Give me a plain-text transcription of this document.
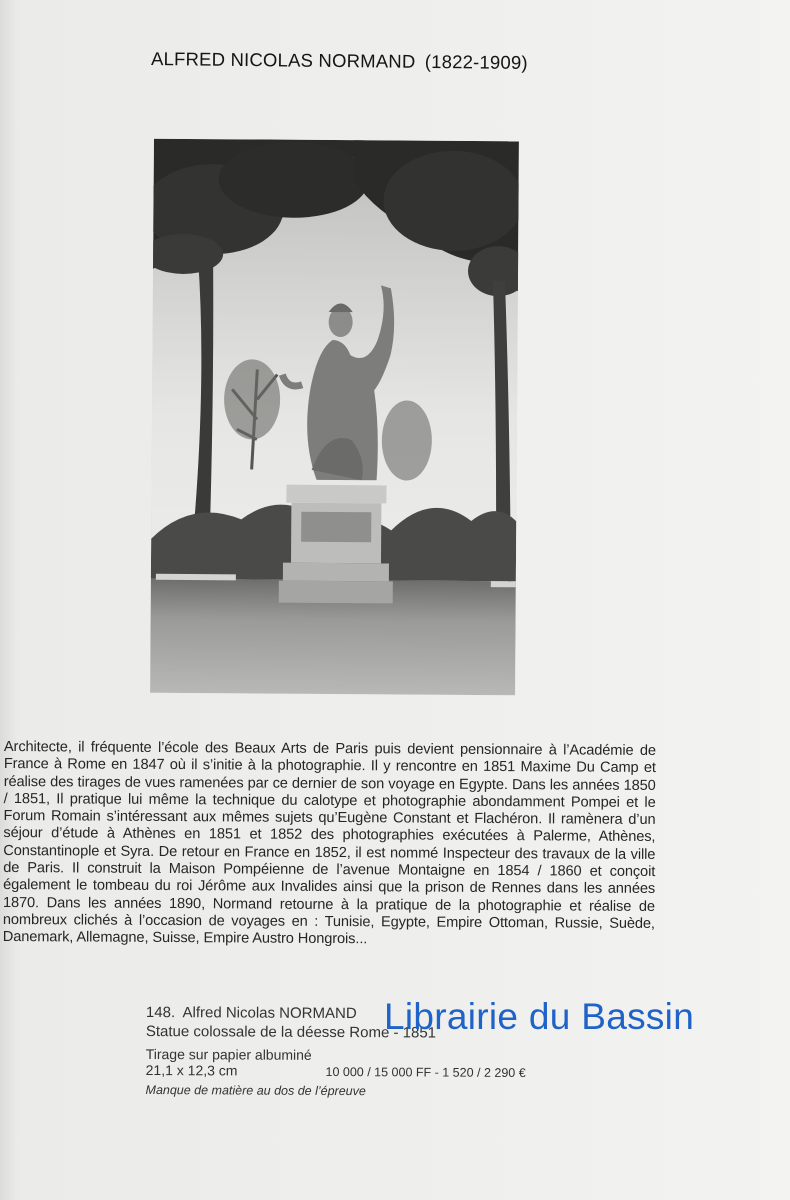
ALFRED NICOLAS NORMAND (1822-1909)
Architecte, il fréquente l’école des Beaux Arts de Paris puis devient pensionnaire à l’Académie de France à Rome en 1847 où il s’initie à la photographie. Il y rencontre en 1851 Maxime Du Camp et réalise des tirages de vues ramenées par ce dernier de son voyage en Egypte. Dans les années 1850 / 1851, Il pratique lui même la technique du calotype et photographie abondamment Pompei et le Forum Romain s’intéressant aux mêmes sujets qu’Eugène Constant et Flachéron. Il ramènera d’un séjour d’étude à Athènes en 1851 et 1852 des photographies exécutées à Palerme, Athènes, Constantinople et Syra. De retour en France en 1852, il est nommé Inspecteur des travaux de la ville de Paris. Il construit la Maison Pompéienne de l’avenue Montaigne en 1854 / 1860 et conçoit également le tombeau du roi Jérôme aux Invalides ainsi que la prison de Rennes dans les années 1870. Dans les années 1890, Normand retourne à la pratique de la photographie et réalise de nombreux clichés à l’occasion de voyages en : Tunisie, Egypte, Empire Ottoman, Russie, Suède, Danemark, Allemagne, Suisse, Empire Austro Hongrois...
148. Alfred Nicolas NORMAND
Statue colossale de la déesse Rome - 1851
Tirage sur papier albuminé
21,1 x 12,3 cm	10 000 / 15 000 FF - 1 520 / 2 290 €
Manque de matière au dos de l’épreuve
Librairie du Bassin
